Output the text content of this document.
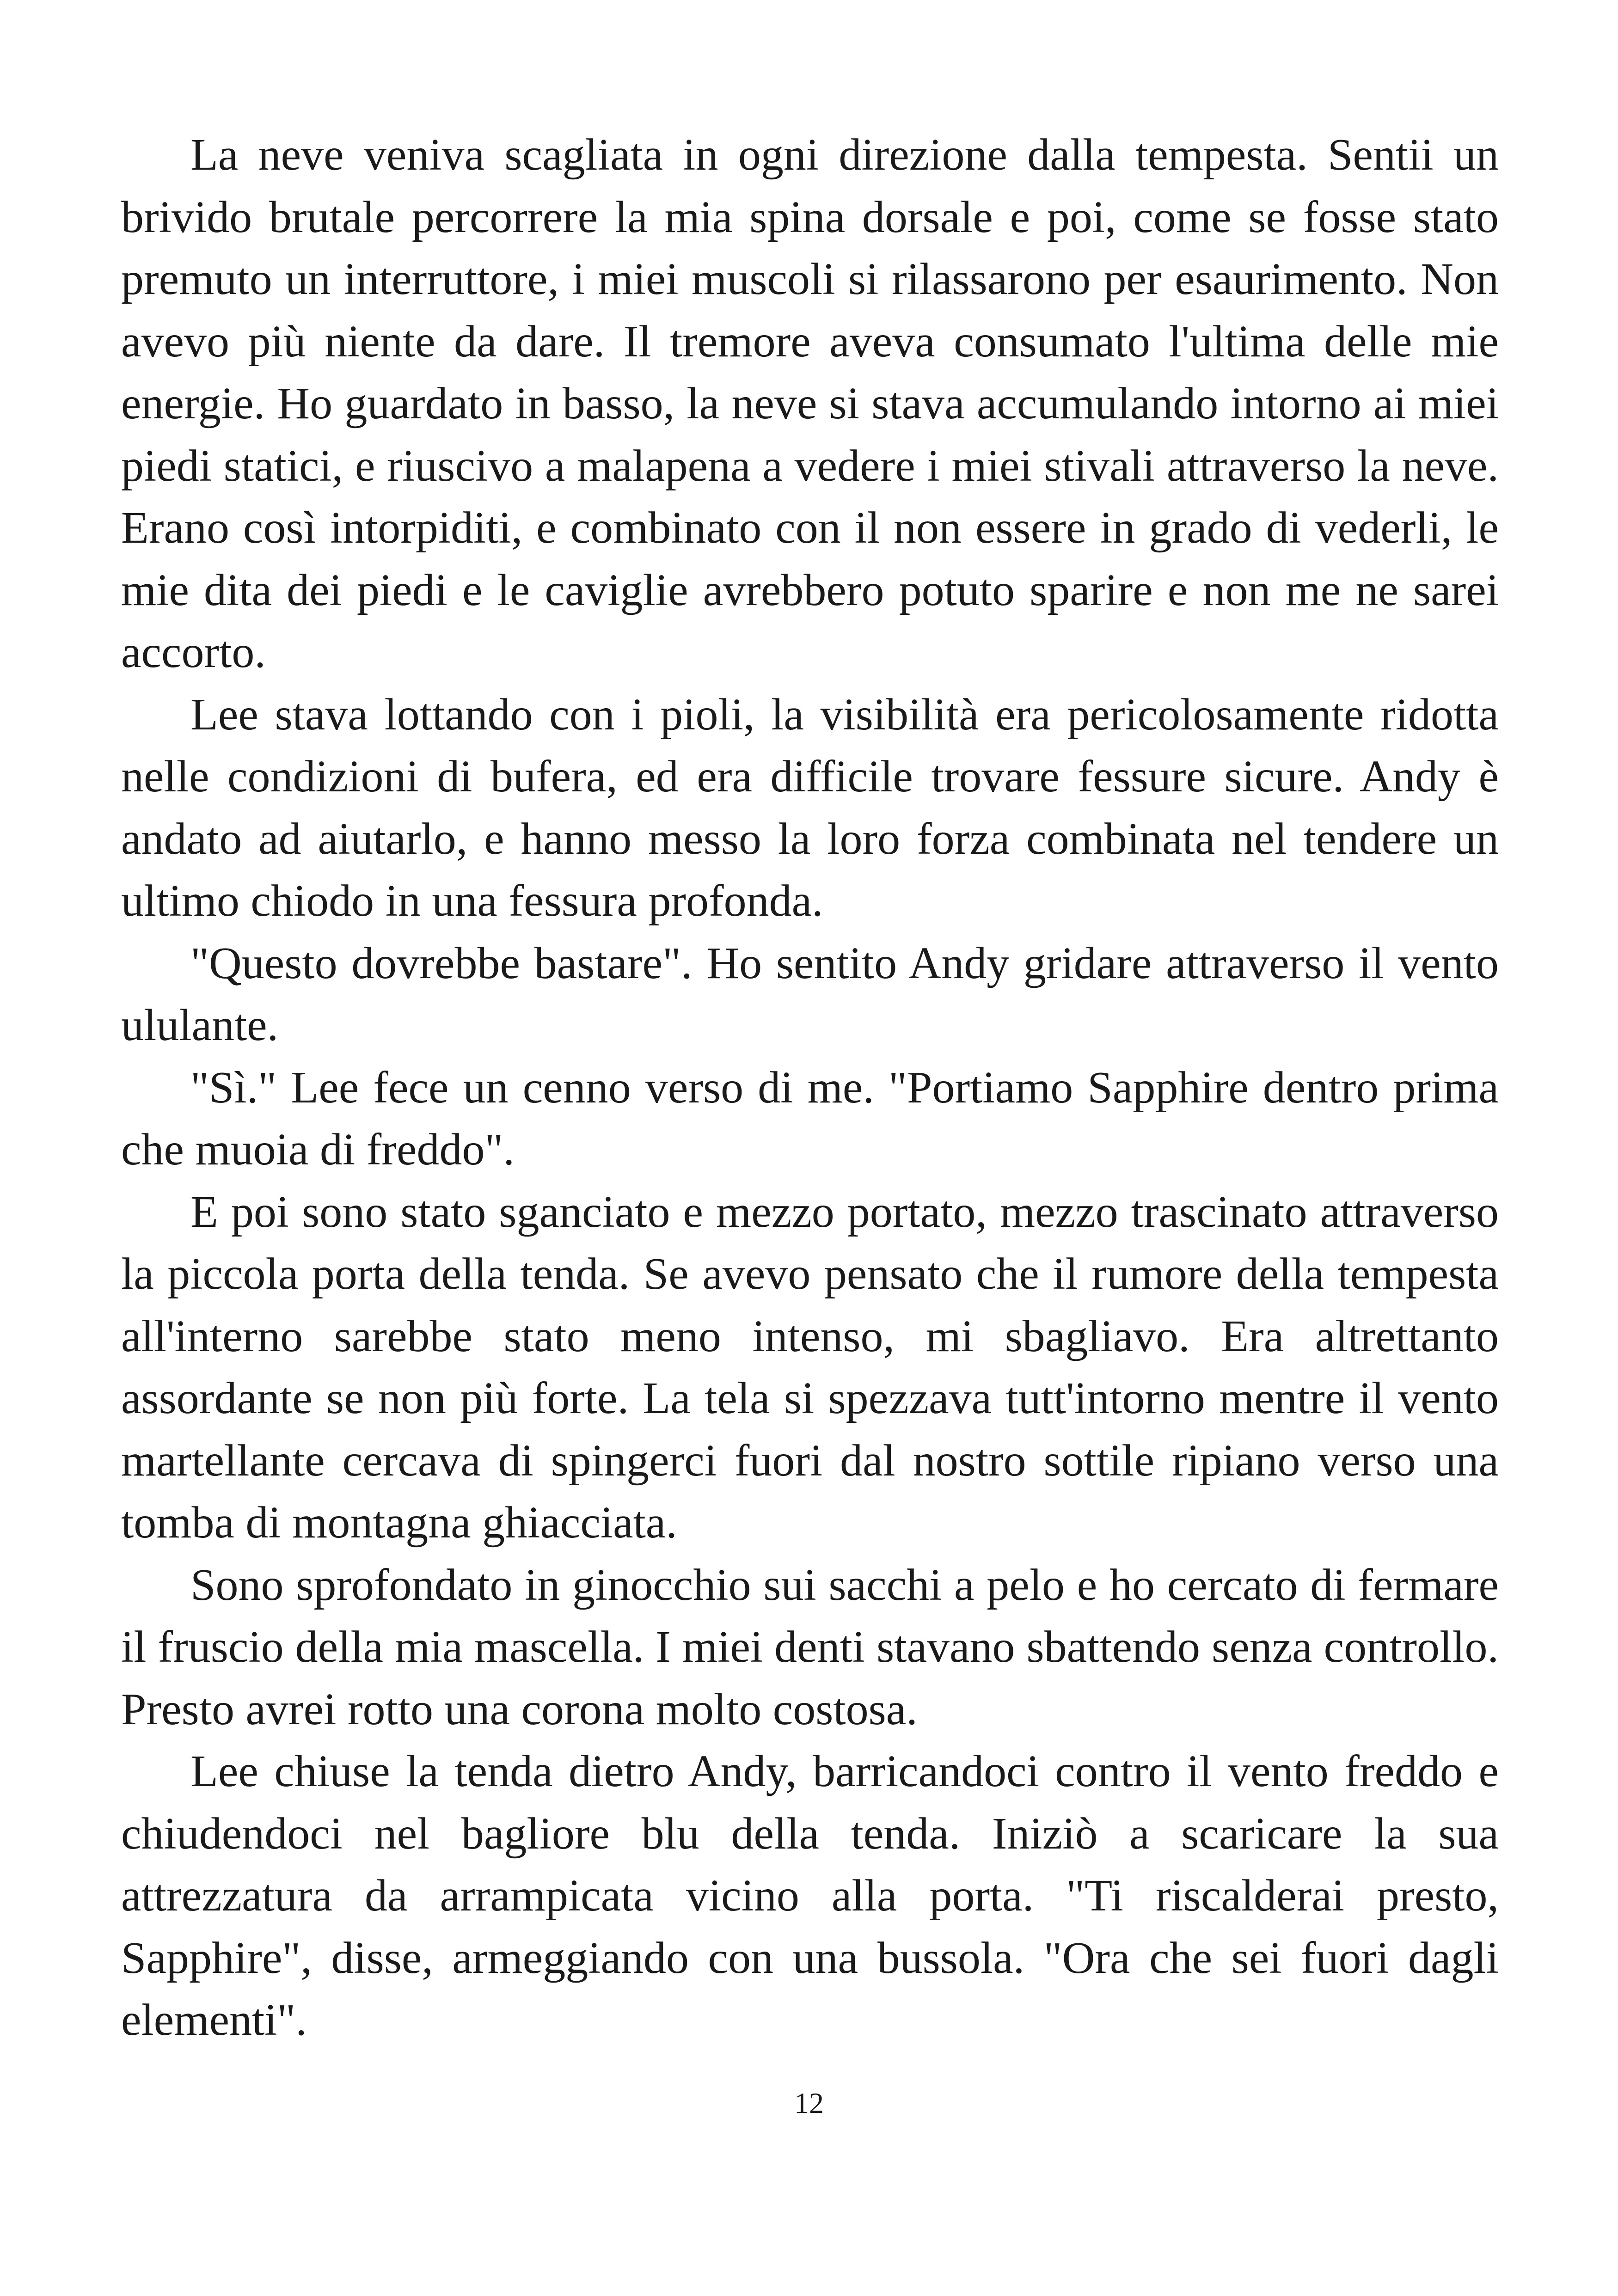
La neve veniva scagliata in ogni direzione dalla tempesta. Sentii un brivido brutale percorrere la mia spina dorsale e poi, come se fosse stato premuto un interruttore, i miei muscoli si rilassarono per esaurimento. Non avevo più niente da dare. Il tremore aveva consumato l'ultima delle mie energie. Ho guardato in basso, la neve si stava accumulando intorno ai miei piedi statici, e riuscivo a malapena a vedere i miei stivali attraverso la neve. Erano così intorpiditi, e combinato con il non essere in grado di vederli, le mie dita dei piedi e le caviglie avrebbero potuto sparire e non me ne sarei accorto.

Lee stava lottando con i pioli, la visibilità era pericolosamente ridotta nelle condizioni di bufera, ed era difficile trovare fessure sicure. Andy è andato ad aiutarlo, e hanno messo la loro forza combinata nel tendere un ultimo chiodo in una fessura profonda.

"Questo dovrebbe bastare". Ho sentito Andy gridare attraverso il vento ululante.

"Sì." Lee fece un cenno verso di me. "Portiamo Sapphire dentro prima che muoia di freddo".

E poi sono stato sganciato e mezzo portato, mezzo trascinato attraverso la piccola porta della tenda. Se avevo pensato che il rumore della tempesta all'interno sarebbe stato meno intenso, mi sbagliavo. Era altrettanto assordante se non più forte. La tela si spezzava tutt'intorno mentre il vento martellante cercava di spingerci fuori dal nostro sottile ripiano verso una tomba di montagna ghiacciata.

Sono sprofondato in ginocchio sui sacchi a pelo e ho cercato di fermare il fruscio della mia mascella. I miei denti stavano sbattendo senza controllo. Presto avrei rotto una corona molto costosa.

Lee chiuse la tenda dietro Andy, barricandoci contro il vento freddo e chiudendoci nel bagliore blu della tenda. Iniziò a scaricare la sua attrezzatura da arrampicata vicino alla porta. "Ti riscalderai presto, Sapphire", disse, armeggiando con una bussola. "Ora che sei fuori dagli elementi".

12
